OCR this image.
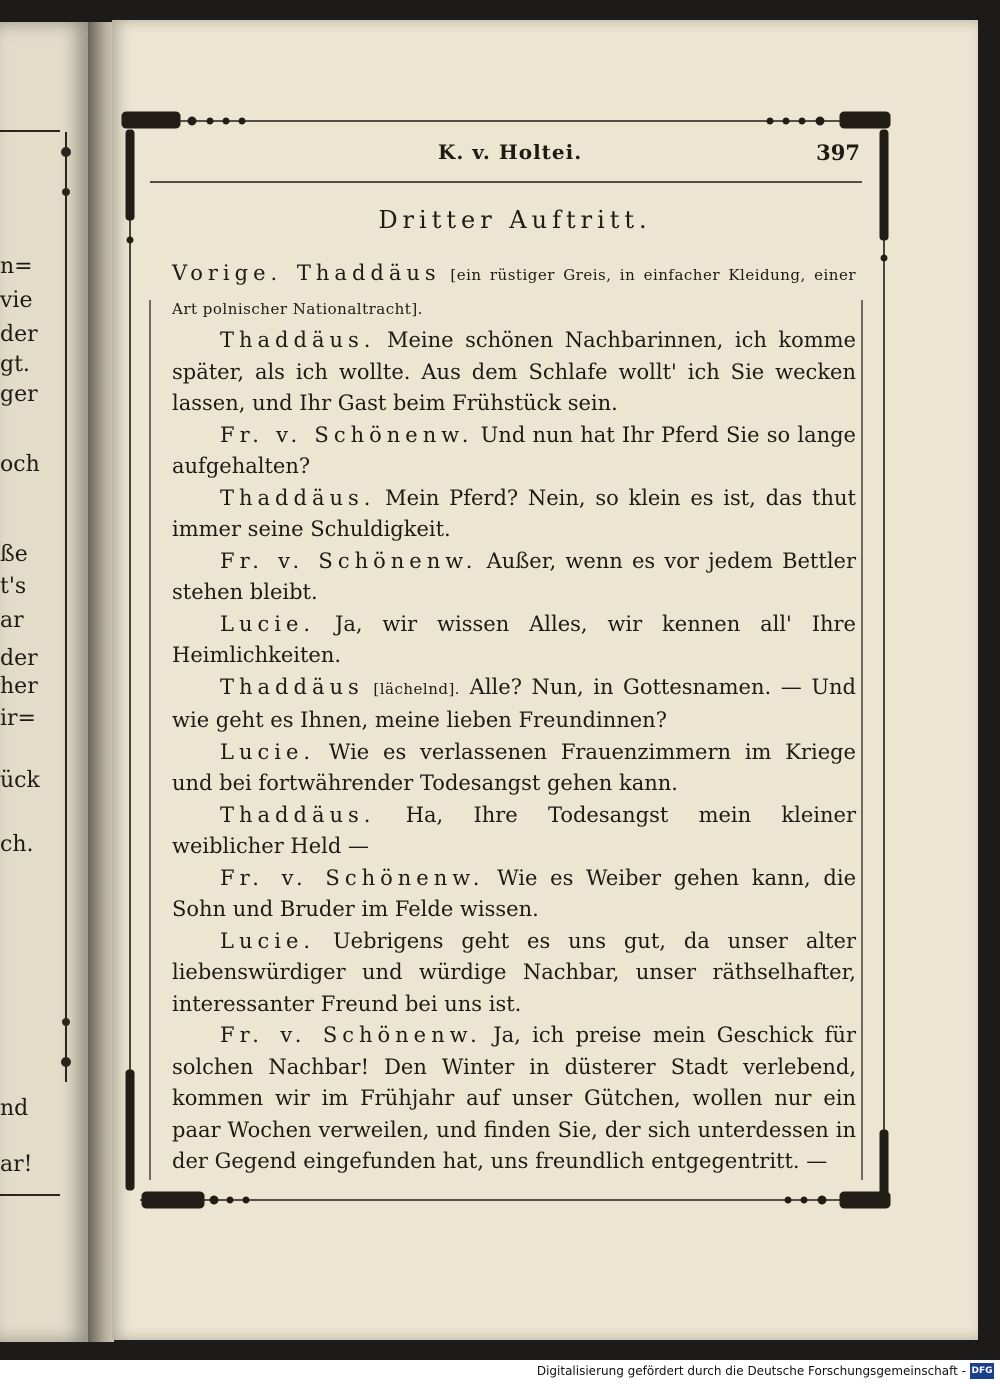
n=
vie
der
gt.
ger
och
ße
t's
ar
der
her
ir=
ück
ch.
nd
ar!
K. v. Holtei.	397
Dritter Auftritt.

Vorige. Thaddäus [ein rüstiger Greis, in einfacher Kleidung, einer Art polnischer Nationaltracht].

Thaddäus. Meine schönen Nachbarinnen, ich komme später, als ich wollte. Aus dem Schlafe wollt' ich Sie wecken lassen, und Ihr Gast beim Frühstück sein.

Fr. v. Schönenw. Und nun hat Ihr Pferd Sie so lange aufgehalten?

Thaddäus. Mein Pferd? Nein, so klein es ist, das thut immer seine Schuldigkeit.

Fr. v. Schönenw. Außer, wenn es vor jedem Bettler stehen bleibt.

Lucie. Ja, wir wissen Alles, wir kennen all' Ihre Heimlichkeiten.

Thaddäus [lächelnd]. Alle? Nun, in Gottesnamen. — Und wie geht es Ihnen, meine lieben Freundinnen?

Lucie. Wie es verlassenen Frauenzimmern im Kriege und bei fortwährender Todesangst gehen kann.

Thaddäus. Ha, Ihre Todesangst mein kleiner weiblicher Held —

Fr. v. Schönenw. Wie es Weiber gehen kann, die Sohn und Bruder im Felde wissen.

Lucie. Uebrigens geht es uns gut, da unser alter liebenswürdiger und würdige Nachbar, unser räthselhafter, interessanter Freund bei uns ist.

Fr. v. Schönenw. Ja, ich preise mein Geschick für solchen Nachbar! Den Winter in düsterer Stadt verlebend, kommen wir im Frühjahr auf unser Gütchen, wollen nur ein paar Wochen verweilen, und finden Sie, der sich unterdessen in der Gegend eingefunden hat, uns freundlich entgegentritt. —

Digitalisierung gefördert durch die Deutsche Forschungsgemeinschaft - DFG
